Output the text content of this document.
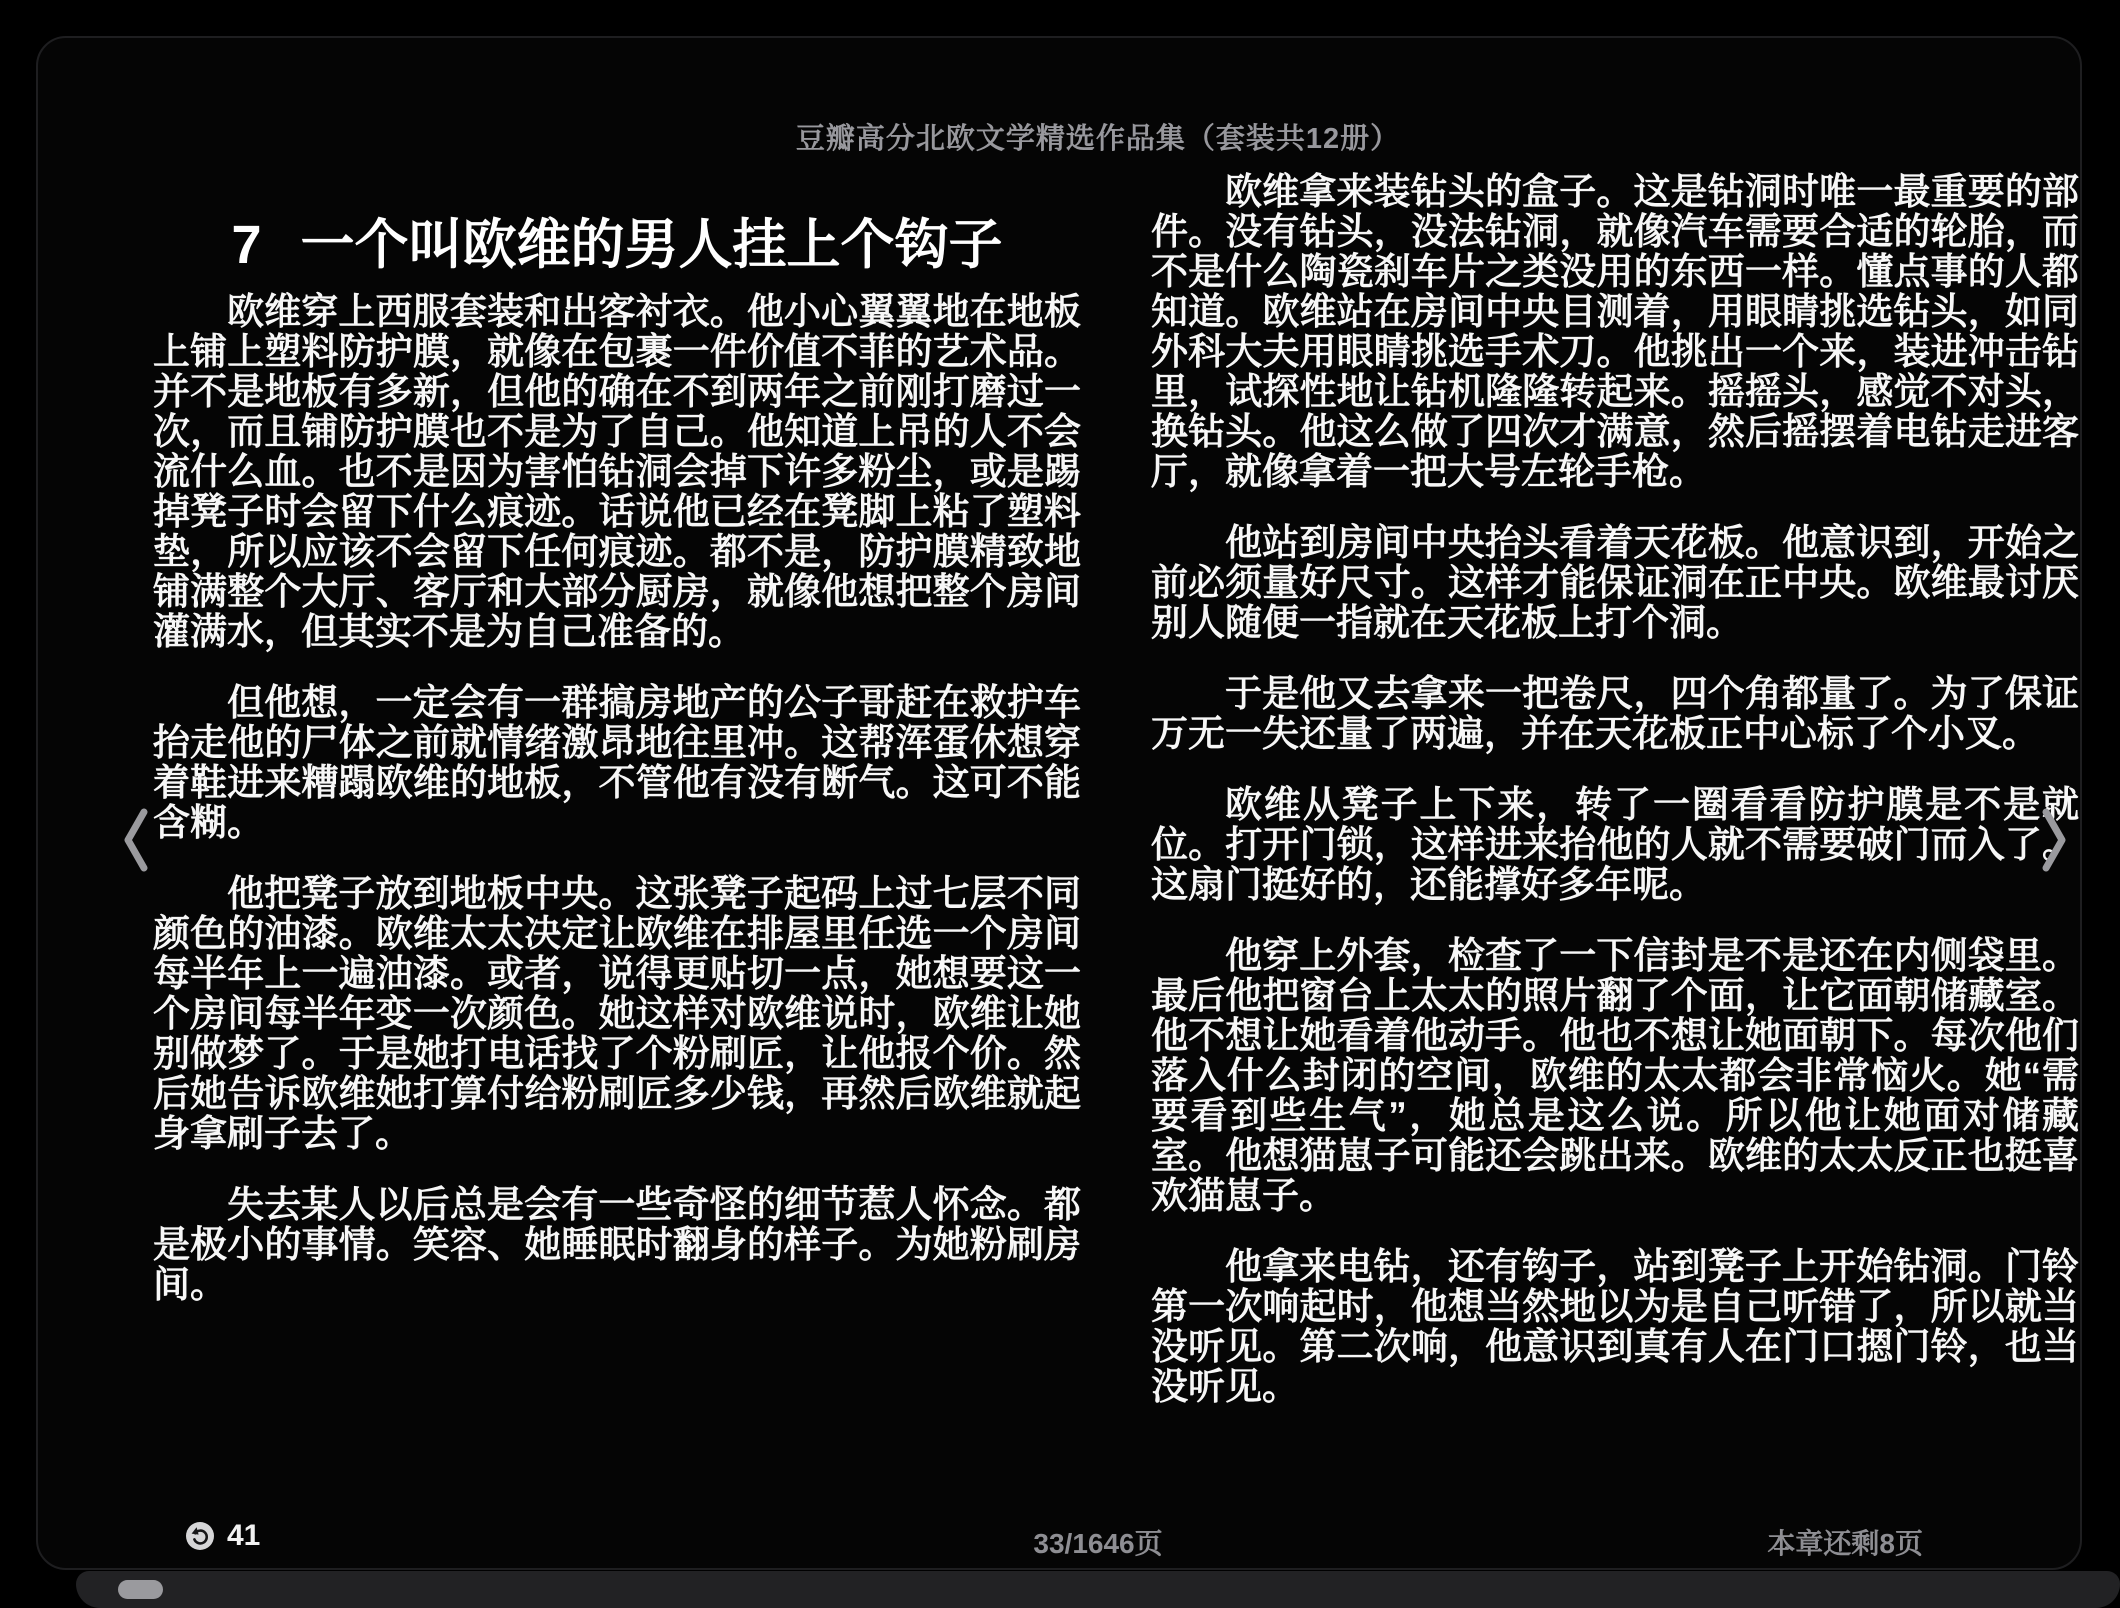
豆瓣高分北欧文学精选作品集（套装共12册）
7 一个叫欧维的男人挂上个钩子

欧维穿上西服套装和出客衬衣。他小心翼翼地在地板上铺上塑料防护膜，就像在包裹一件价值不菲的艺术品。并不是地板有多新，但他的确在不到两年之前刚打磨过一次，而且铺防护膜也不是为了自己。他知道上吊的人不会流什么血。也不是因为害怕钻洞会掉下许多粉尘，或是踢掉凳子时会留下什么痕迹。话说他已经在凳脚上粘了塑料垫，所以应该不会留下任何痕迹。都不是，防护膜精致地铺满整个大厅、客厅和大部分厨房，就像他想把整个房间灌满水，但其实不是为自己准备的。

但他想，一定会有一群搞房地产的公子哥赶在救护车抬走他的尸体之前就情绪激昂地往里冲。这帮浑蛋休想穿着鞋进来糟蹋欧维的地板，不管他有没有断气。这可不能含糊。

他把凳子放到地板中央。这张凳子起码上过七层不同颜色的油漆。欧维太太决定让欧维在排屋里任选一个房间每半年上一遍油漆。或者，说得更贴切一点，她想要这一个房间每半年变一次颜色。她这样对欧维说时，欧维让她别做梦了。于是她打电话找了个粉刷匠，让他报个价。然后她告诉欧维她打算付给粉刷匠多少钱，再然后欧维就起身拿刷子去了。

失去某人以后总是会有一些奇怪的细节惹人怀念。都是极小的事情。笑容、她睡眠时翻身的样子。为她粉刷房间。

欧维拿来装钻头的盒子。这是钻洞时唯一最重要的部件。没有钻头，没法钻洞，就像汽车需要合适的轮胎，而不是什么陶瓷刹车片之类没用的东西一样。懂点事的人都知道。欧维站在房间中央目测着，用眼睛挑选钻头，如同外科大夫用眼睛挑选手术刀。他挑出一个来，装进冲击钻里，试探性地让钻机隆隆转起来。摇摇头，感觉不对头，换钻头。他这么做了四次才满意，然后摇摆着电钻走进客厅，就像拿着一把大号左轮手枪。

他站到房间中央抬头看着天花板。他意识到，开始之前必须量好尺寸。这样才能保证洞在正中央。欧维最讨厌别人随便一指就在天花板上打个洞。

于是他又去拿来一把卷尺，四个角都量了。为了保证万无一失还量了两遍，并在天花板正中心标了个小叉。

欧维从凳子上下来，转了一圈看看防护膜是不是就位。打开门锁，这样进来抬他的人就不需要破门而入了。这扇门挺好的，还能撑好多年呢。

他穿上外套，检查了一下信封是不是还在内侧袋里。最后他把窗台上太太的照片翻了个面，让它面朝储藏室。他不想让她看着他动手。他也不想让她面朝下。每次他们落入什么封闭的空间，欧维的太太都会非常恼火。她“需要看到些生气”，她总是这么说。所以他让她面对储藏室。他想猫崽子可能还会跳出来。欧维的太太反正也挺喜欢猫崽子。

他拿来电钻，还有钩子，站到凳子上开始钻洞。门铃第一次响起时，他想当然地以为是自己听错了，所以就当没听见。第二次响，他意识到真有人在门口摁门铃，也当没听见。

41	33/1646页	本章还剩8页
